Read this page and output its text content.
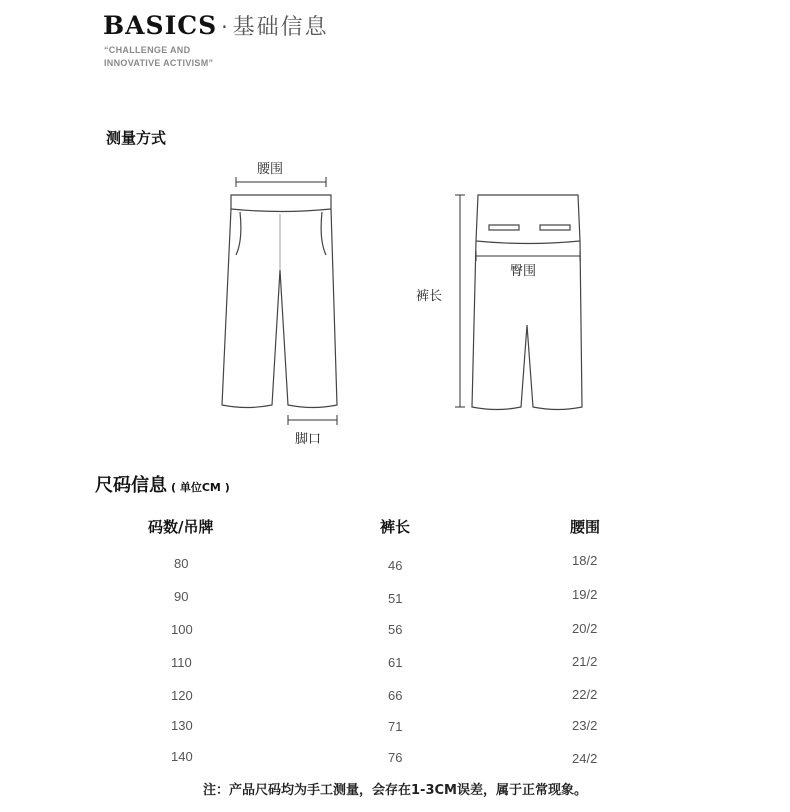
BASICS · 基础信息
“CHALLENGE AND
INNOVATIVE ACTIVISM”
测量方式
腰围
臀围
裤长
脚口
尺码信息 ( 单位CM )
码数/吊牌	裤长	腰围
80	46	18/2
90	51	19/2
100	56	20/2
110	61	21/2
120	66	22/2
130	71	23/2
140	76	24/2
注：产品尺码均为手工测量，会存在1-3CM误差，属于正常现象。
